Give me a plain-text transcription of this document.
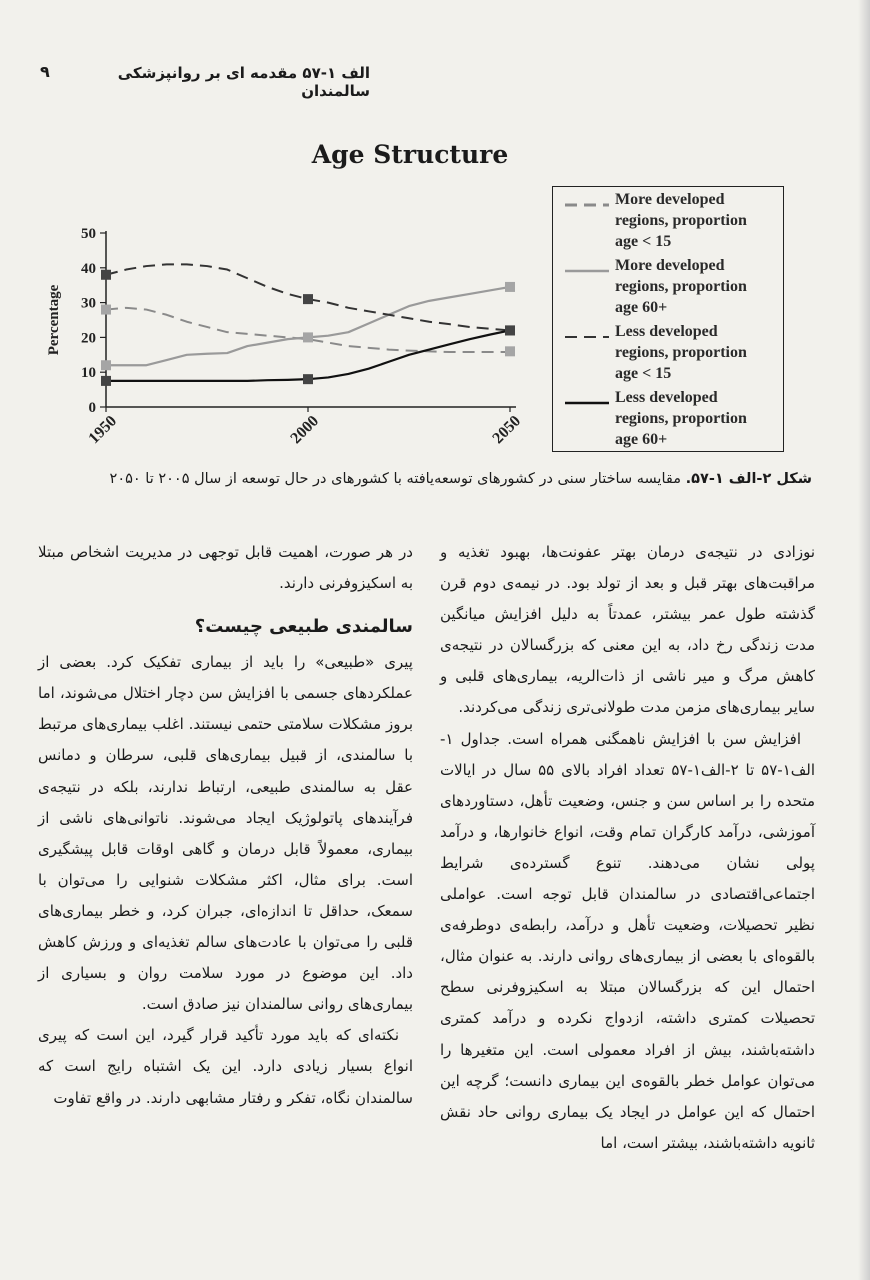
الف ۱-۵۷ مقدمه ای بر روانپزشکی سالمندان
۹
Age Structure
0
10
20
30
40
50
1950	2000	2050
Percentage
More developed
regions, proportion
age < 15
More developed
regions, proportion
age 60+
Less developed
regions, proportion
age < 15
Less developed
regions, proportion
age 60+
شکل ۲-الف ۱-۵۷. مقایسه ساختار سنی در کشورهای توسعه‌یافته با کشورهای در حال توسعه از سال ۲۰۰۵ تا ۲۰۵۰

نوزادی در نتیجه‌ی درمان بهتر عفونت‌ها، بهبود تغذیه و مراقبت‌های بهتر قبل و بعد از تولد بود. در نیمه‌ی دوم قرن گذشته طول عمر بیشتر، عمدتاً به دلیل افزایش میانگین مدت زندگی رخ داد، به این معنی که بزرگسالان در نتیجه‌ی کاهش مرگ و میر ناشی از ذات‌الریه، بیماری‌های قلبی و سایر بیماری‌های مزمن مدت طولانی‌تری زندگی می‌کردند.

افزایش سن با افزایش ناهمگنی همراه است. جداول ۱-الف۱-۵۷ تا ۲-الف۱-۵۷ تعداد افراد بالای ۵۵ سال در ایالات متحده را بر اساس سن و جنس، وضعیت تأهل، دستاوردهای آموزشی، درآمد کارگران تمام وقت، انواع خانوارها، و درآمد پولی نشان می‌دهند. تنوع گسترده‌ی شرایط اجتماعی‌اقتصادی در سالمندان قابل توجه است. عواملی نظیر تحصیلات، وضعیت تأهل و درآمد، رابطه‌ی دوطرفه‌ی بالقوه‌ای با بعضی از بیماری‌های روانی دارند. به عنوان مثال، احتمال این که بزرگسالان مبتلا به اسکیزوفرنی سطح تحصیلات کمتری داشته، ازدواج نکرده و درآمد کمتری داشته‌باشند، بیش از افراد معمولی است. این متغیرها را می‌توان عوامل خطر بالقوه‌ی این بیماری دانست؛ گرچه این احتمال که این عوامل در ایجاد یک بیماری روانی حاد نقش ثانویه داشته‌باشند، بیشتر است، اما

در هر صورت، اهمیت قابل توجهی در مدیریت اشخاص مبتلا به اسکیزوفرنی دارند.

سالمندی طبیعی چیست؟

پیری «طبیعی» را باید از بیماری تفکیک کرد. بعضی از عملکردهای جسمی با افزایش سن دچار اختلال می‌شوند، اما بروز مشکلات سلامتی حتمی نیستند. اغلب بیماری‌های مرتبط با سالمندی، از قبیل بیماری‌های قلبی، سرطان و دمانس عقل به سالمندی طبیعی، ارتباط ندارند، بلکه در نتیجه‌ی فرآیندهای پاتولوژیک ایجاد می‌شوند. ناتوانی‌های ناشی از بیماری، معمولاً قابل درمان و گاهی اوقات قابل پیشگیری است. برای مثال، اکثر مشکلات شنوایی را می‌توان با سمعک، حداقل تا اندازه‌ای، جبران کرد، و خطر بیماری‌های قلبی را می‌توان با عادت‌های سالم تغذیه‌ای و ورزش کاهش داد. این موضوع در مورد سلامت روان و بسیاری از بیماری‌های روانی سالمندان نیز صادق است.

نکته‌ای که باید مورد تأکید قرار گیرد، این است که پیری انواع بسیار زیادی دارد. این یک اشتباه رایج است که سالمندان نگاه، تفکر و رفتار مشابهی دارند. در واقع تفاوت
